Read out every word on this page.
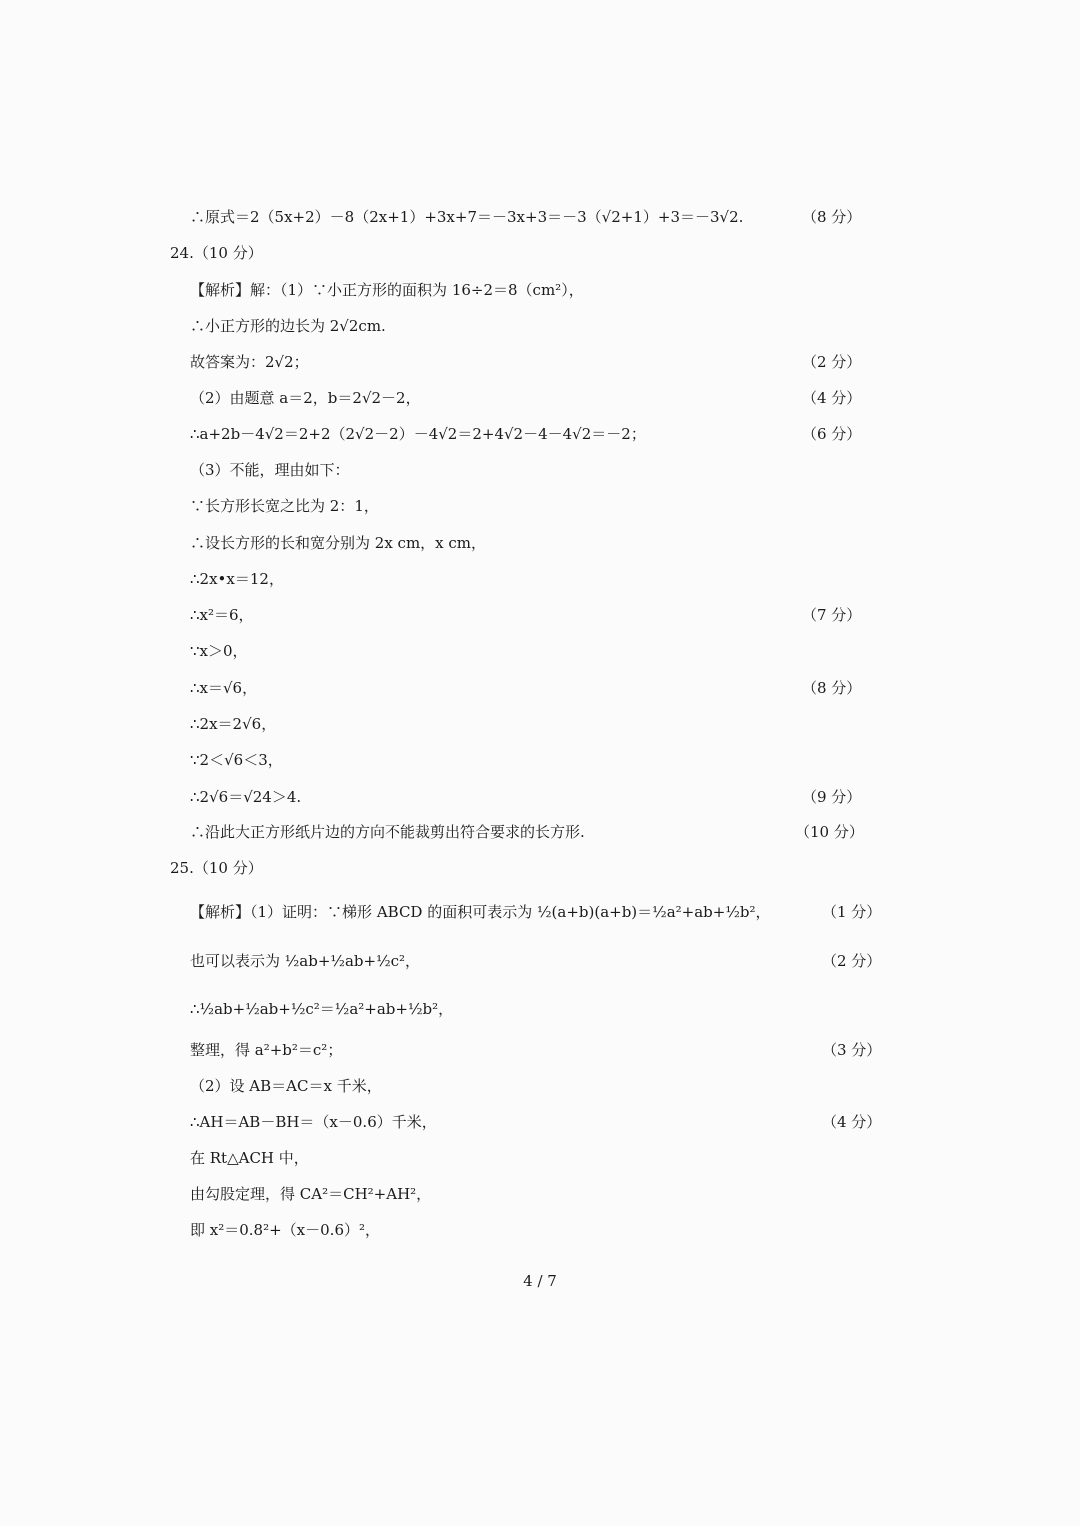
∴原式＝2（5x+2）－8（2x+1）+3x+7＝－3x+3＝－3（√2+1）+3＝－3√2.	（8 分）
24.（10 分）
【解析】解：（1）∵小正方形的面积为 16÷2＝8（cm²），
∴小正方形的边长为 2√2cm.
故答案为：2√2；	（2 分）
（2）由题意 a＝2，b＝2√2－2，	（4 分）
∴a+2b－4√2＝2+2（2√2－2）－4√2＝2+4√2－4－4√2＝－2；	（6 分）
（3）不能，理由如下：
∵长方形长宽之比为 2：1，
∴设长方形的长和宽分别为 2x cm，x cm，
∴2x•x＝12，
∴x²＝6，	（7 分）
∵x＞0，
∴x＝√6，	（8 分）
∴2x＝2√6，
∵2＜√6＜3，
∴2√6＝√24＞4.	（9 分）
∴沿此大正方形纸片边的方向不能裁剪出符合要求的长方形.	（10 分）
25.（10 分）
【解析】（1）证明：∵梯形 ABCD 的面积可表示为 ½(a+b)(a+b)＝½a²+ab+½b²，	（1 分）
也可以表示为 ½ab+½ab+½c²，	（2 分）
∴½ab+½ab+½c²＝½a²+ab+½b²，
整理，得 a²+b²＝c²；	（3 分）
（2）设 AB＝AC＝x 千米，
∴AH＝AB－BH＝（x－0.6）千米，	（4 分）
在 Rt△ACH 中，
由勾股定理，得 CA²＝CH²+AH²，
即 x²＝0.8²+（x－0.6）²，
4 / 7
